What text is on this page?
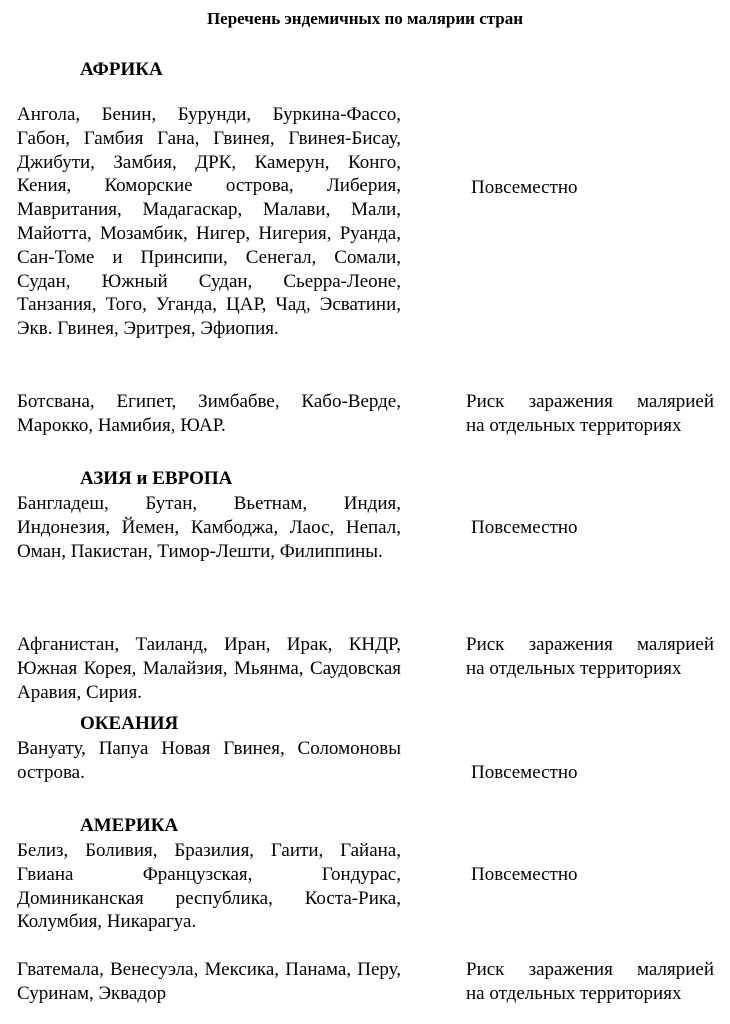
Перечень эндемичных по малярии стран
АФРИКА
Ангола, Бенин, Бурунди, Буркина-Фассо, Габон, Гамбия Гана, Гвинея, Гвинея-Бисау, Джибути, Замбия, ДРК, Камерун, Конго, Кения, Коморские острова, Либерия, Мавритания, Мадагаскар, Малави, Мали, Майотта, Мозамбик, Нигер, Нигерия, Руанда, Сан-Томе и Принсипи, Сенегал, Сомали, Судан, Южный Судан, Сьерра-Леоне, Танзания, Того, Уганда, ЦАР, Чад, Эсватини, Экв. Гвинея, Эритрея, Эфиопия.
Повсеместно
Ботсвана, Египет, Зимбабве, Кабо-Верде, Марокко, Намибия, ЮАР.
Риск заражения малярией
на отдельных территориях
АЗИЯ и ЕВРОПА
Бангладеш, Бутан, Вьетнам, Индия, Индонезия, Йемен, Камбоджа, Лаос, Непал, Оман, Пакистан, Тимор-Лешти, Филиппины.
Повсеместно
Афганистан, Таиланд, Иран, Ирак, КНДР, Южная Корея, Малайзия, Мьянма, Саудовская Аравия, Сирия.
Риск заражения малярией
на отдельных территориях
ОКЕАНИЯ
Вануату, Папуа Новая Гвинея, Соломоновы острова.	Повсеместно
АМЕРИКА
Белиз, Боливия, Бразилия, Гаити, Гайана, Гвиана Французская, Гондурас, Доминиканская республика, Коста-Рика, Колумбия, Никарагуа.
Повсеместно
Гватемала, Венесуэла, Мексика, Панама, Перу, Суринам, Эквадор
Риск заражения малярией
на отдельных территориях
